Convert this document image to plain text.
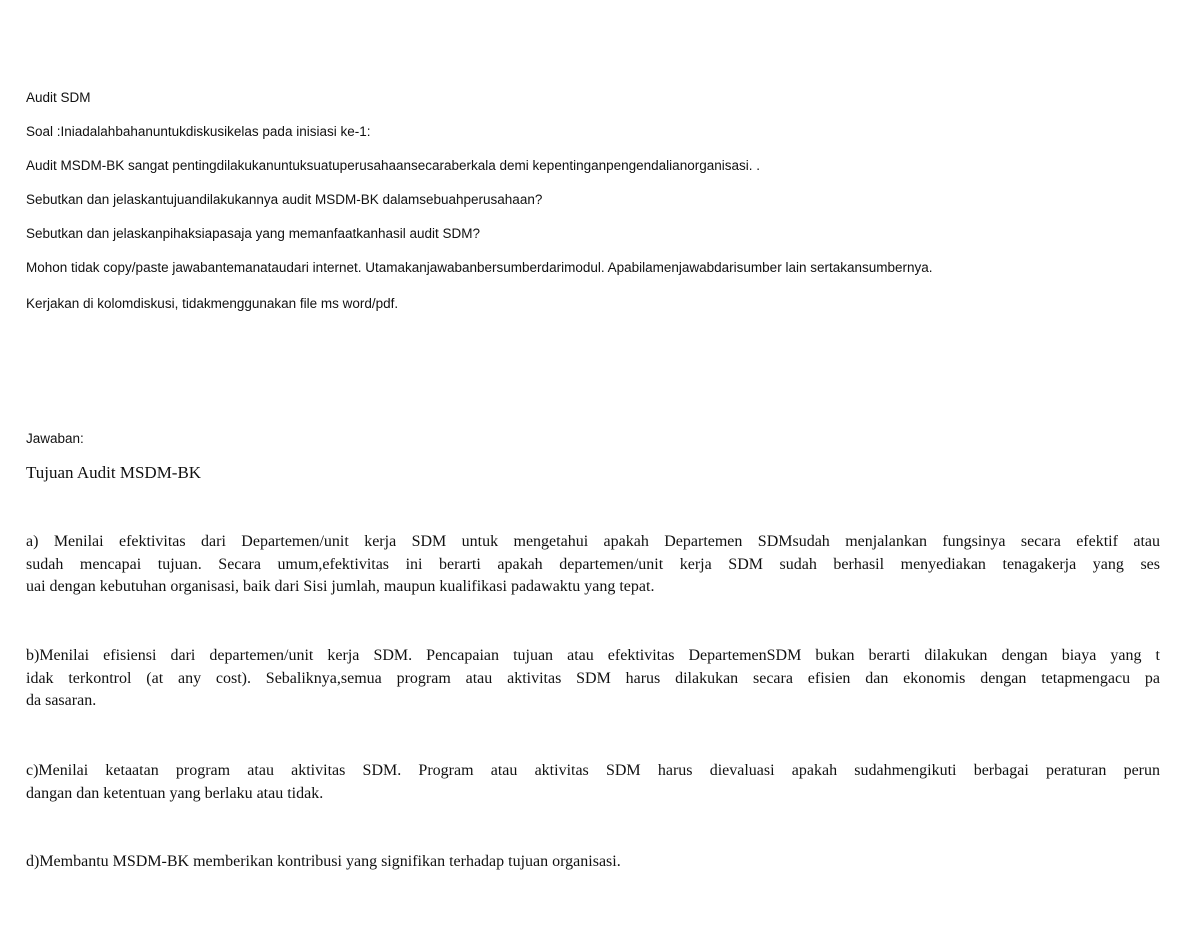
Audit SDM
Soal :Iniadalahbahanuntukdiskusikelas pada inisiasi ke-1:
Audit MSDM-BK sangat pentingdilakukanuntuksuatuperusahaansecaraberkala demi kepentinganpengendalianorganisasi. .
Sebutkan dan jelaskantujuandilakukannya audit MSDM-BK dalamsebuahperusahaan?
Sebutkan dan jelaskanpihaksiapasaja yang memanfaatkanhasil audit SDM?
Mohon tidak copy/paste jawabantemanataudari internet. Utamakanjawabanbersumberdarimodul. Apabilamenjawabdarisumber lain sertakansumbernya.
Kerjakan di kolomdiskusi, tidakmenggunakan file ms word/pdf.
Jawaban:
Tujuan Audit MSDM-BK
a) Menilai efektivitas dari Departemen/unit kerja SDM untuk mengetahui apakah Departemen SDMsudah menjalankan fungsinya secara efektif atau
sudah mencapai tujuan. Secara umum,efektivitas ini berarti apakah departemen/unit kerja SDM sudah berhasil menyediakan tenagakerja yang ses
uai dengan kebutuhan organisasi, baik dari Sisi jumlah, maupun kualifikasi padawaktu yang tepat.
b)Menilai efisiensi dari departemen/unit kerja SDM. Pencapaian tujuan atau efektivitas DepartemenSDM bukan berarti dilakukan dengan biaya yang t
idak terkontrol (at any cost). Sebaliknya,semua program atau aktivitas SDM harus dilakukan secara efisien dan ekonomis dengan tetapmengacu pa
da sasaran.
c)Menilai ketaatan program atau aktivitas SDM. Program atau aktivitas SDM harus dievaluasi apakah sudahmengikuti berbagai peraturan perun
dangan dan ketentuan yang berlaku atau tidak.
d)Membantu MSDM-BK memberikan kontribusi yang signifikan terhadap tujuan organisasi.
